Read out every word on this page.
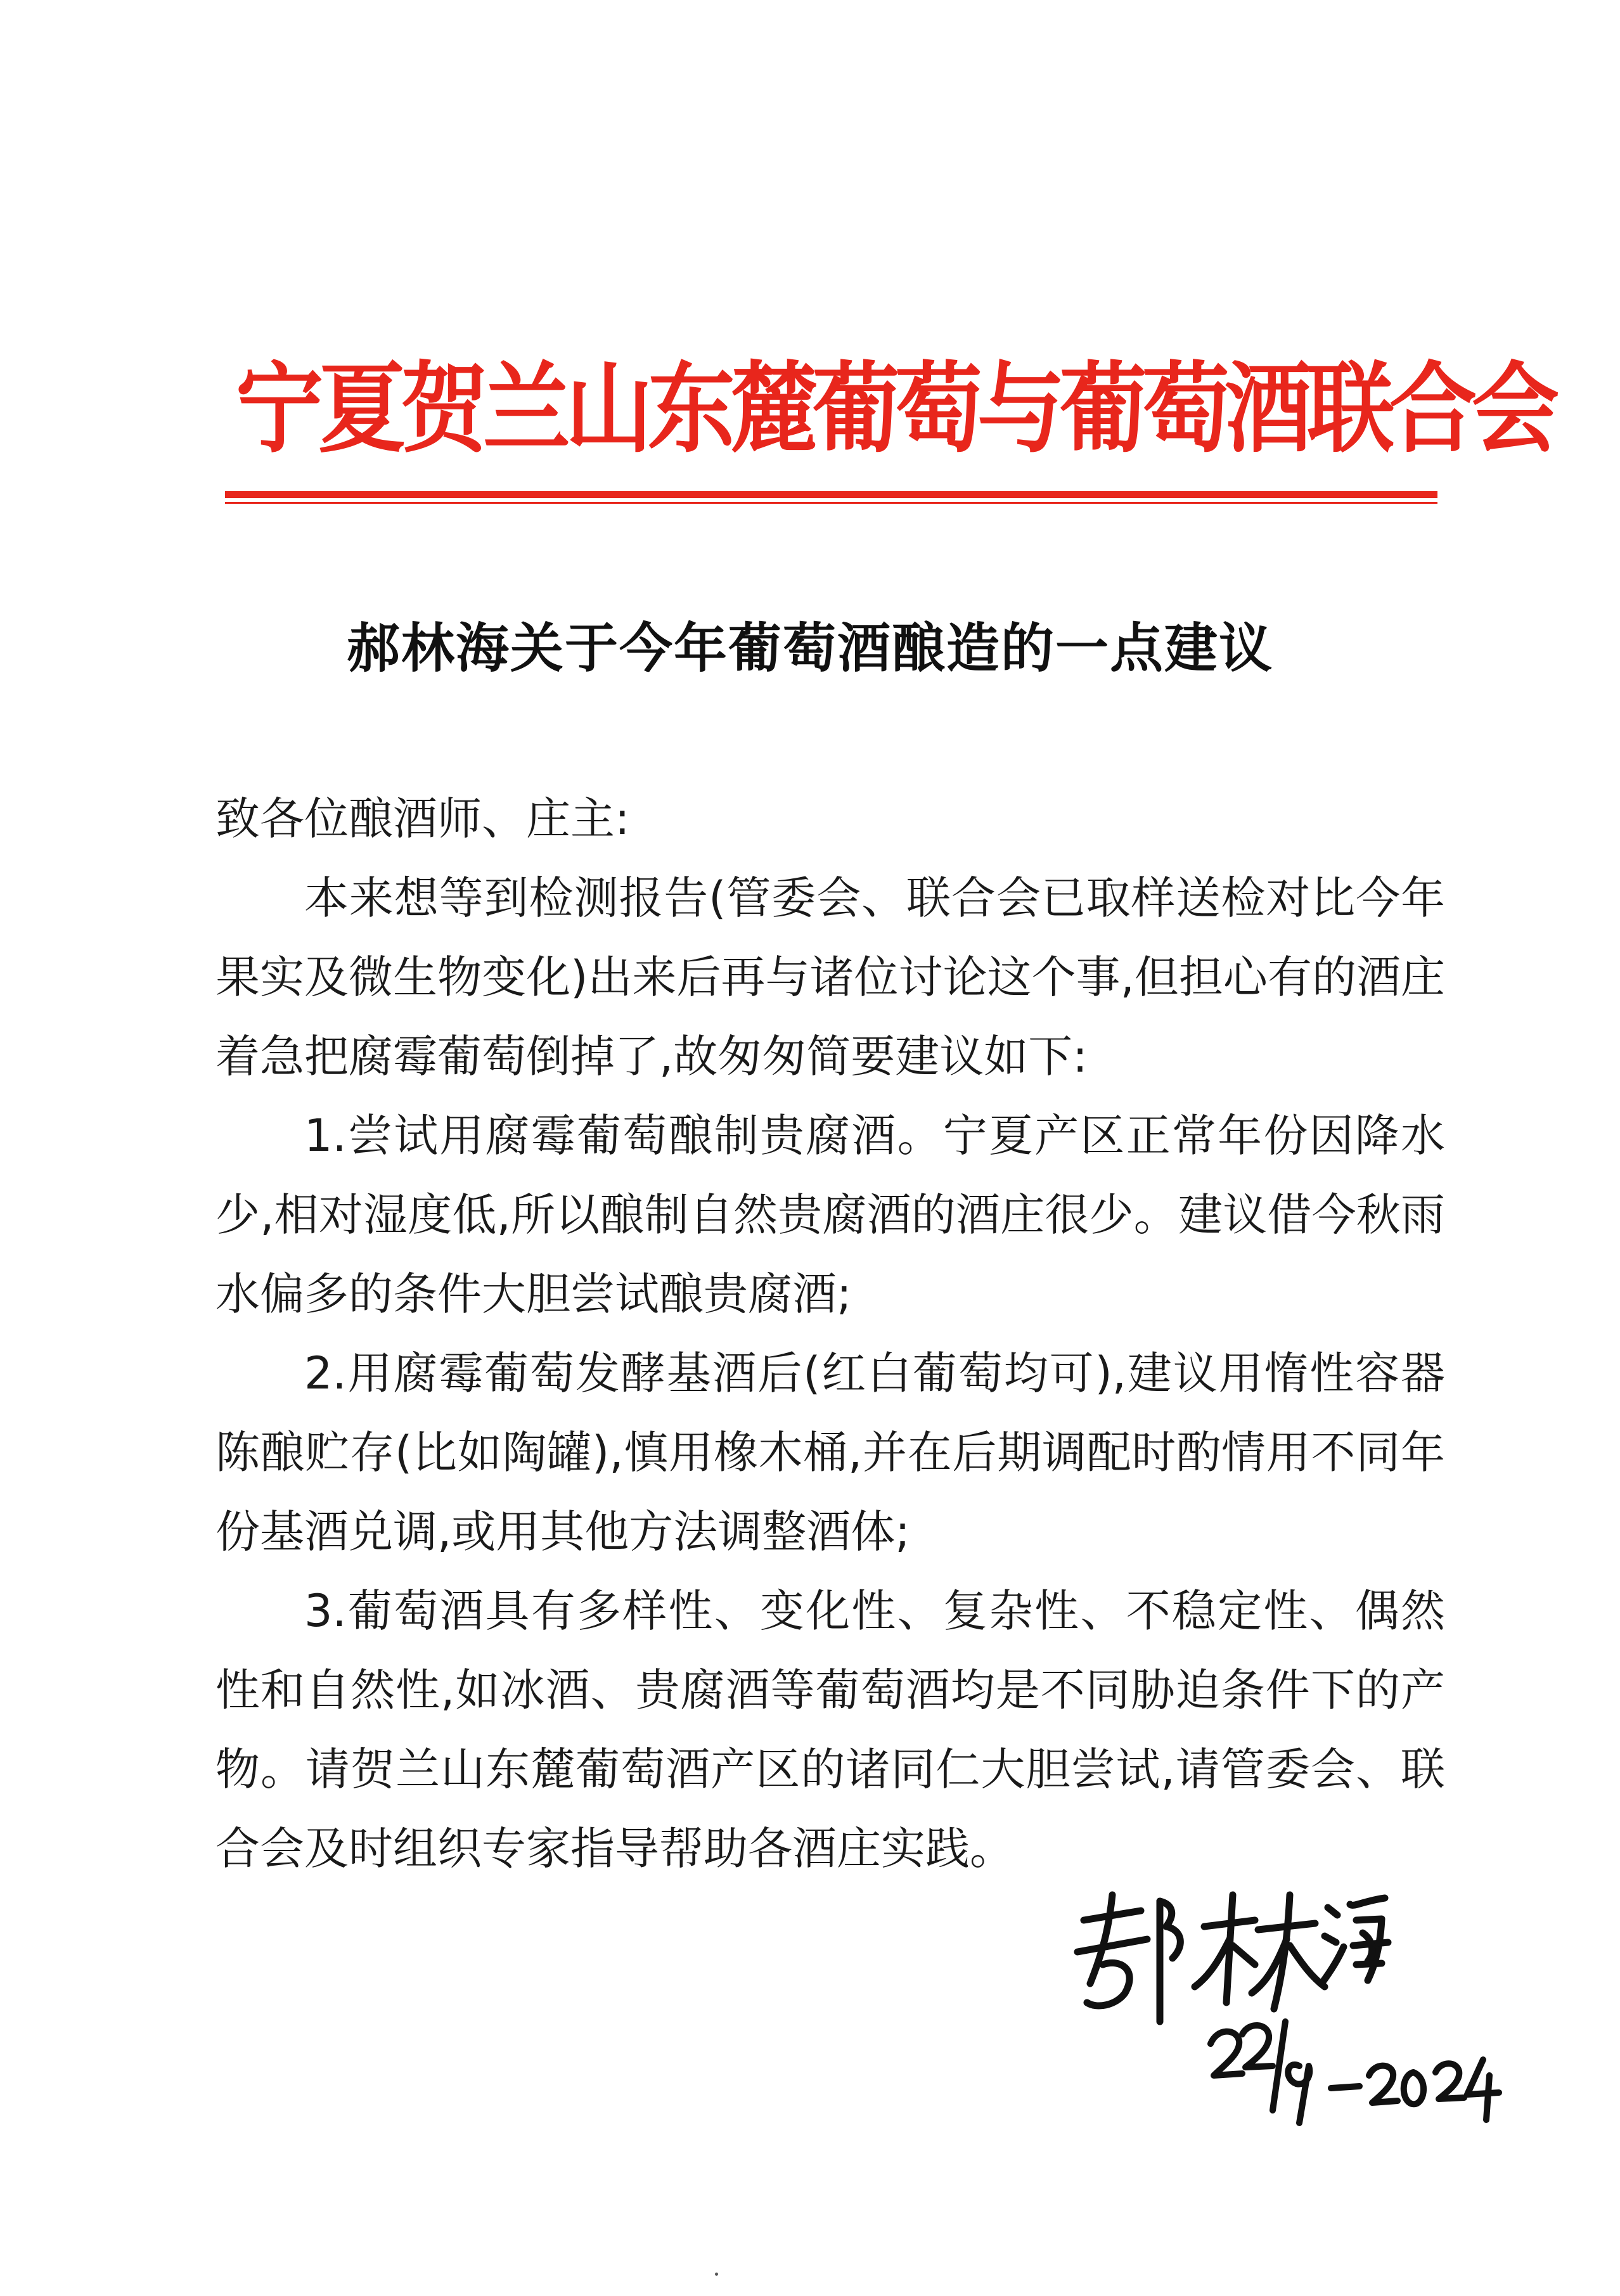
宁夏贺兰山东麓葡萄与葡萄酒联合会
郝林海关于今年葡萄酒酿造的一点建议

致各位酿酒师、庄主:

本来想等到检测报告(管委会、联合会已取样送检对比今年果实及微生物变化)出来后再与诸位讨论这个事,但担心有的酒庄着急把腐霉葡萄倒掉了,故匆匆简要建议如下:

1.尝试用腐霉葡萄酿制贵腐酒。宁夏产区正常年份因降水少,相对湿度低,所以酿制自然贵腐酒的酒庄很少。建议借今秋雨水偏多的条件大胆尝试酿贵腐酒;

2.用腐霉葡萄发酵基酒后(红白葡萄均可),建议用惰性容器陈酿贮存(比如陶罐),慎用橡木桶,并在后期调配时酌情用不同年份基酒兑调,或用其他方法调整酒体;

3.葡萄酒具有多样性、变化性、复杂性、不稳定性、偶然性和自然性,如冰酒、贵腐酒等葡萄酒均是不同胁迫条件下的产物。请贺兰山东麓葡萄酒产区的诸同仁大胆尝试,请管委会、联合会及时组织专家指导帮助各酒庄实践。
